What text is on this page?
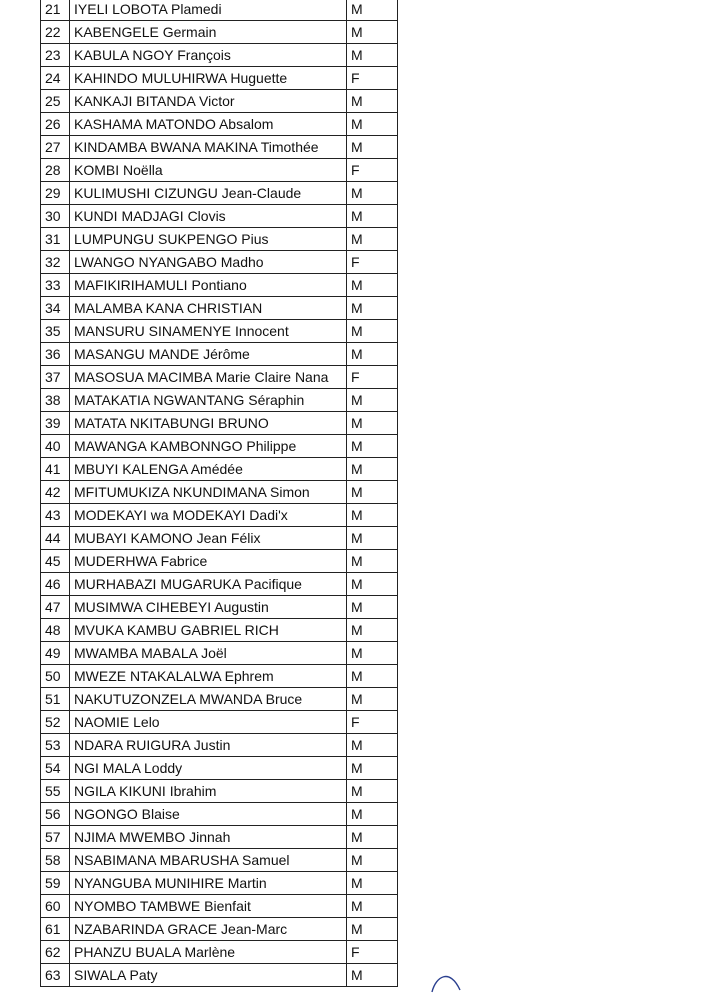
21	IYELI LOBOTA Plamedi	M
22	KABENGELE Germain	M
23	KABULA NGOY François	M
24	KAHINDO MULUHIRWA Huguette	F
25	KANKAJI BITANDA Victor	M
26	KASHAMA MATONDO Absalom	M
27	KINDAMBA BWANA MAKINA Timothée	M
28	KOMBI Noëlla	F
29	KULIMUSHI CIZUNGU Jean-Claude	M
30	KUNDI MADJAGI Clovis	M
31	LUMPUNGU SUKPENGO Pius	M
32	LWANGO NYANGABO Madho	F
33	MAFIKIRIHAMULI Pontiano	M
34	MALAMBA KANA CHRISTIAN	M
35	MANSURU SINAMENYE Innocent	M
36	MASANGU MANDE Jérôme	M
37	MASOSUA MACIMBA Marie Claire Nana	F
38	MATAKATIA NGWANTANG Séraphin	M
39	MATATA NKITABUNGI BRUNO	M
40	MAWANGA KAMBONNGO Philippe	M
41	MBUYI KALENGA Amédée	M
42	MFITUMUKIZA NKUNDIMANA Simon	M
43	MODEKAYI wa MODEKAYI Dadi'x	M
44	MUBAYI KAMONO Jean Félix	M
45	MUDERHWA Fabrice	M
46	MURHABAZI MUGARUKA Pacifique	M
47	MUSIMWA CIHEBEYI Augustin	M
48	MVUKA KAMBU GABRIEL RICH	M
49	MWAMBA MABALA Joël	M
50	MWEZE NTAKALALWA Ephrem	M
51	NAKUTUZONZELA MWANDA Bruce	M
52	NAOMIE Lelo	F
53	NDARA RUIGURA Justin	M
54	NGI MALA Loddy	M
55	NGILA KIKUNI Ibrahim	M
56	NGONGO Blaise	M
57	NJIMA MWEMBO Jinnah	M
58	NSABIMANA MBARUSHA Samuel	M
59	NYANGUBA MUNIHIRE Martin	M
60	NYOMBO TAMBWE Bienfait	M
61	NZABARINDA GRACE Jean-Marc	M
62	PHANZU BUALA Marlène	F
63	SIWALA Paty	M
